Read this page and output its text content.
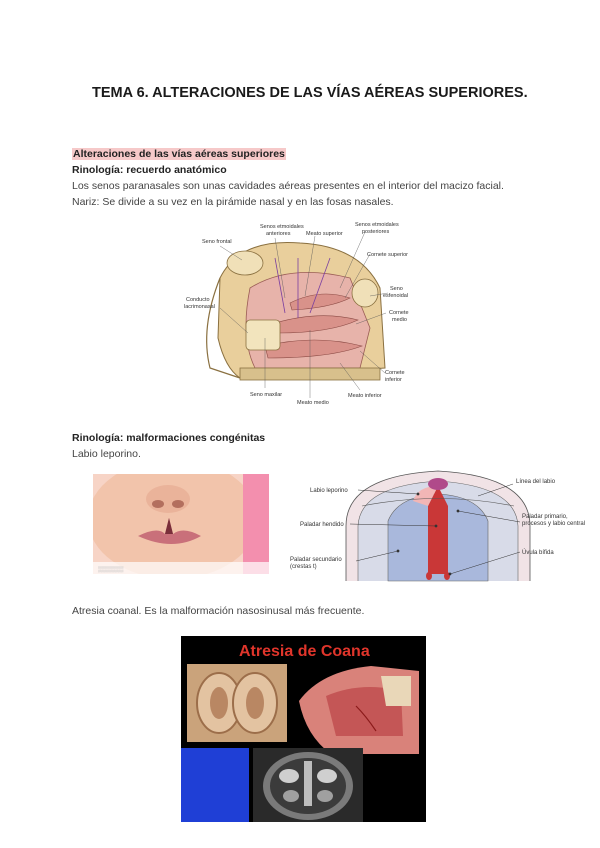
TEMA 6. ALTERACIONES DE LAS VÍAS AÉREAS SUPERIORES.
Alteraciones de las vías aéreas superiores
Rinología: recuerdo anatómico
Los senos paranasales son unas cavidades aéreas presentes en el interior del macizo facial.
Nariz: Se divide a su vez en la pirámide nasal y en las fosas nasales.
Seno frontal
Senos etmoidales
anteriores	Meato superior
Senos etmoidales
posteriores
Cornete superior
Seno
esfenoidal
Conducto
lacrimonasal
Cornete
medio
Cornete
inferior
Seno maxilar
Meato medio
Meato inferior
Rinología: malformaciones congénitas
Labio leporino.
▒▒▒▒▒▒
Labio leporino
Paladar hendido
Paladar secundario
(crestas t)
Línea del labio
Paladar primario,
procesos y labio central
Úvula bífida
Atresia coanal. Es la malformación nasosinusal más frecuente.
Atresia de Coana
